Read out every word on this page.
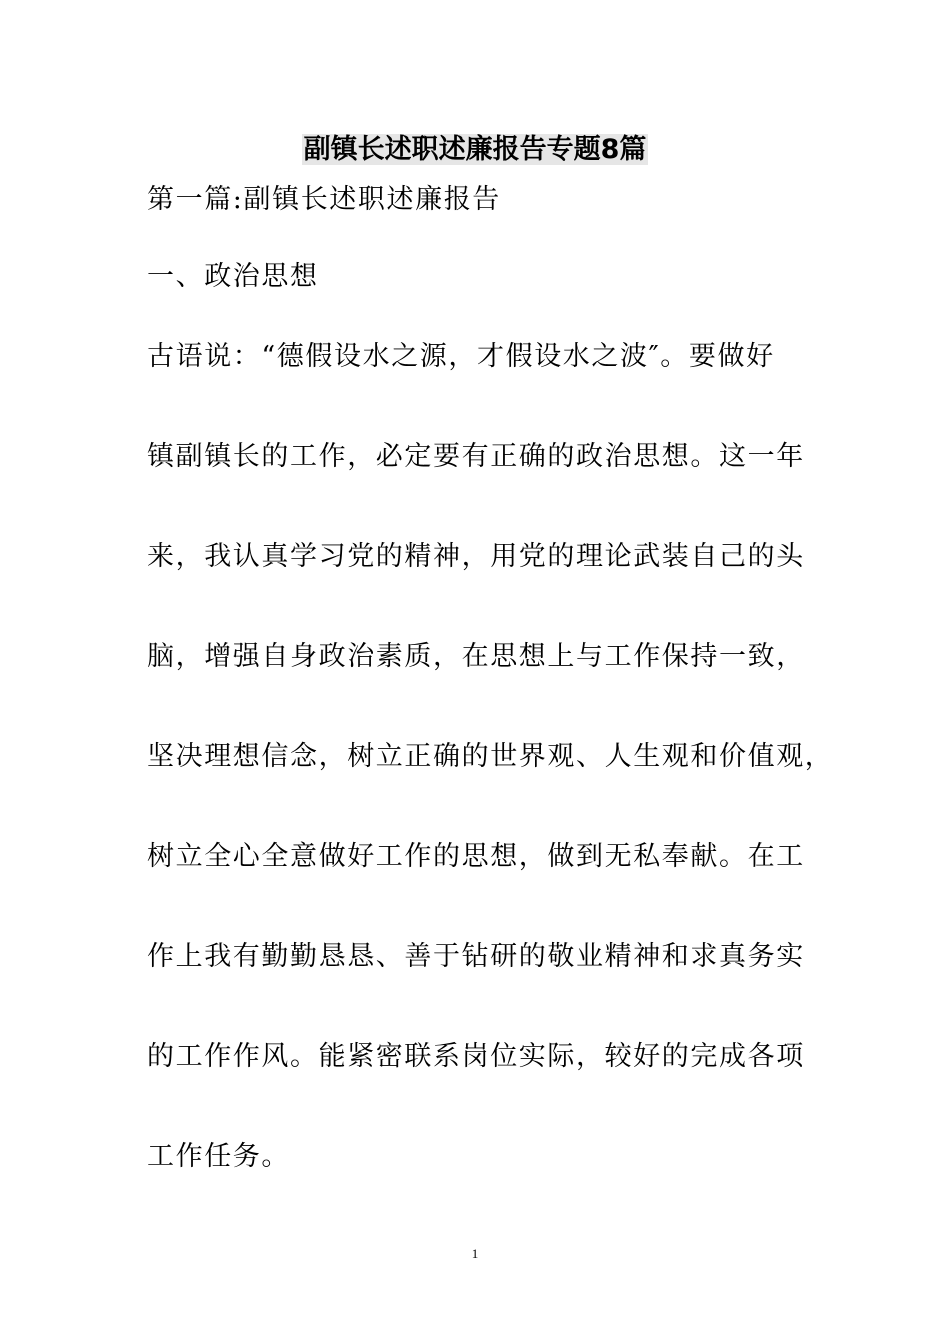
副镇长述职述廉报告专题8篇
第一篇:副镇长述职述廉报告
一、政治思想
古语说：“德假设水之源，才假设水之波″。要做好
镇副镇长的工作，必定要有正确的政治思想。这一年
来，我认真学习党的精神，用党的理论武装自己的头
脑，增强自身政治素质，在思想上与工作保持一致，
坚决理想信念，树立正确的世界观、人生观和价值观，
树立全心全意做好工作的思想，做到无私奉献。在工
作上我有勤勤恳恳、善于钻研的敬业精神和求真务实
的工作作风。能紧密联系岗位实际，较好的完成各项
工作任务。
1
